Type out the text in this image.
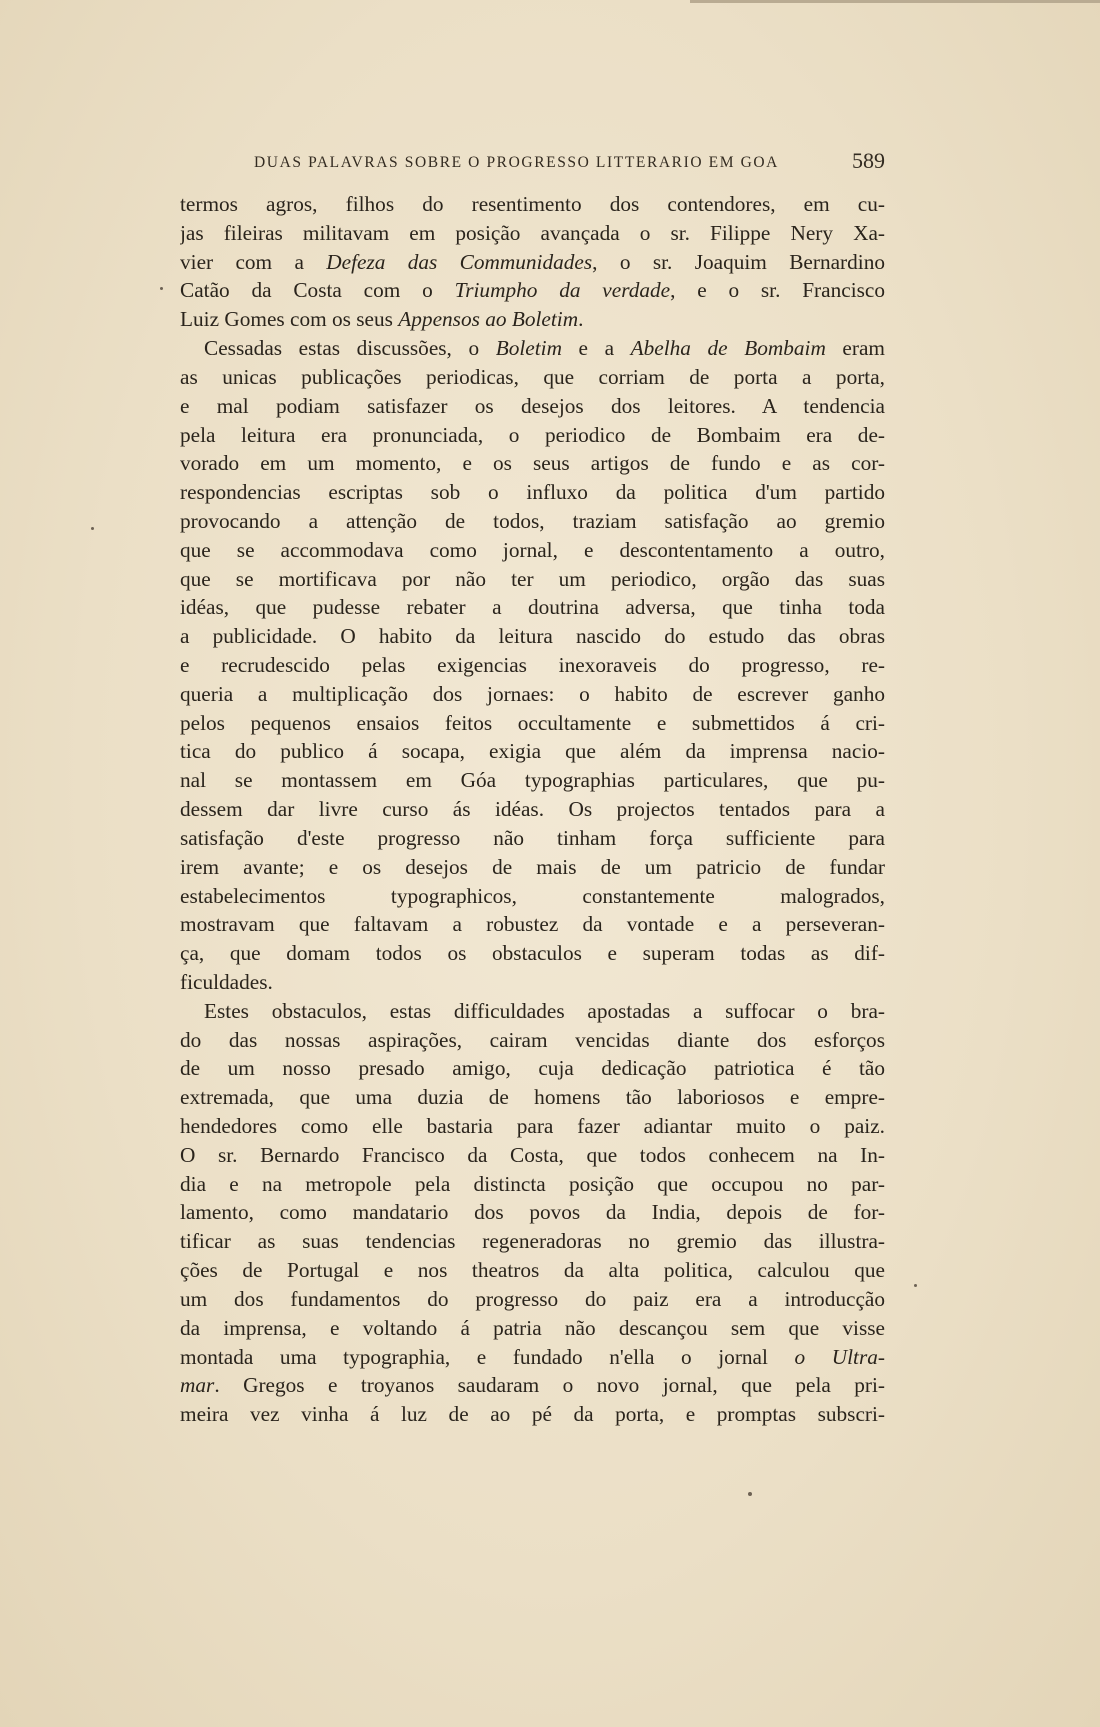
DUAS PALAVRAS SOBRE O PROGRESSO LITTERARIO EM GOA	589
termos agros, filhos do resentimento dos contendores, em cu-
jas fileiras militavam em posição avançada o sr. Filippe Nery Xa-
vier com a Defeza das Communidades, o sr. Joaquim Bernardino
Catão da Costa com o Triumpho da verdade, e o sr. Francisco
Luiz Gomes com os seus Appensos ao Boletim.
Cessadas estas discussões, o Boletim e a Abelha de Bombaim eram
as unicas publicações periodicas, que corriam de porta a porta,
e mal podiam satisfazer os desejos dos leitores. A tendencia
pela leitura era pronunciada, o periodico de Bombaim era de-
vorado em um momento, e os seus artigos de fundo e as cor-
respondencias escriptas sob o influxo da politica d'um partido
provocando a attenção de todos, traziam satisfação ao gremio
que se accommodava como jornal, e descontentamento a outro,
que se mortificava por não ter um periodico, orgão das suas
idéas, que pudesse rebater a doutrina adversa, que tinha toda
a publicidade. O habito da leitura nascido do estudo das obras
e recrudescido pelas exigencias inexoraveis do progresso, re-
queria a multiplicação dos jornaes: o habito de escrever ganho
pelos pequenos ensaios feitos occultamente e submettidos á cri-
tica do publico á socapa, exigia que além da imprensa nacio-
nal se montassem em Góa typographias particulares, que pu-
dessem dar livre curso ás idéas. Os projectos tentados para a
satisfação d'este progresso não tinham força sufficiente para
irem avante; e os desejos de mais de um patricio de fundar
estabelecimentos typographicos, constantemente malogrados,
mostravam que faltavam a robustez da vontade e a perseveran-
ça, que domam todos os obstaculos e superam todas as dif-
ficuldades.
Estes obstaculos, estas difficuldades apostadas a suffocar o bra-
do das nossas aspirações, cairam vencidas diante dos esforços
de um nosso presado amigo, cuja dedicação patriotica é tão
extremada, que uma duzia de homens tão laboriosos e empre-
hendedores como elle bastaria para fazer adiantar muito o paiz.
O sr. Bernardo Francisco da Costa, que todos conhecem na In-
dia e na metropole pela distincta posição que occupou no par-
lamento, como mandatario dos povos da India, depois de for-
tificar as suas tendencias regeneradoras no gremio das illustra-
ções de Portugal e nos theatros da alta politica, calculou que
um dos fundamentos do progresso do paiz era a introducção
da imprensa, e voltando á patria não descançou sem que visse
montada uma typographia, e fundado n'ella o jornal o Ultra-
mar. Gregos e troyanos saudaram o novo jornal, que pela pri-
meira vez vinha á luz de ao pé da porta, e promptas subscri-
